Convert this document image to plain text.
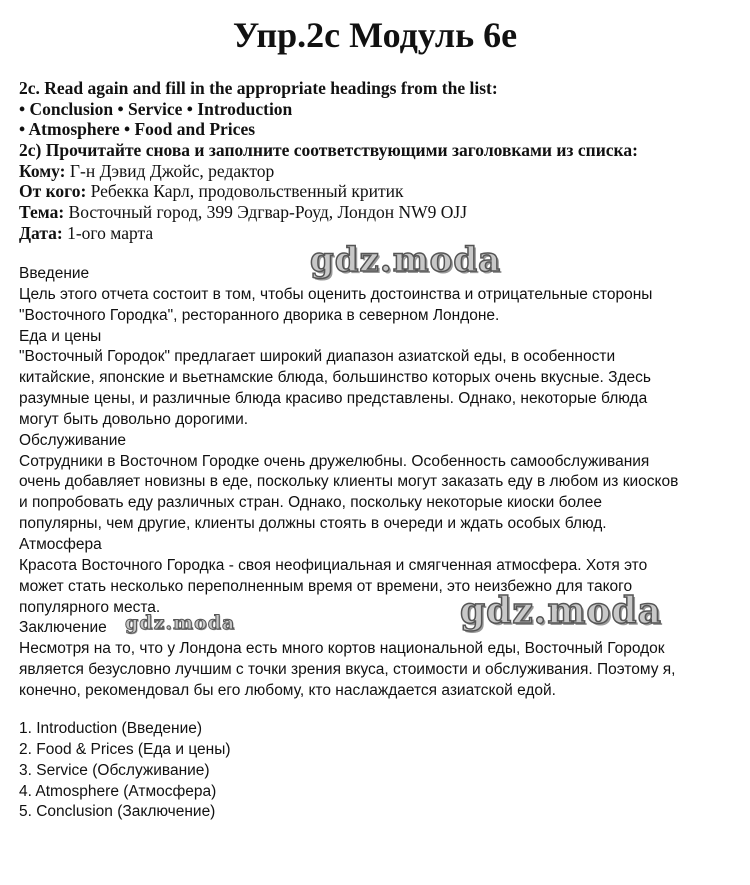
Упр.2с Модуль 6е
2c. Read again and fill in the appropriate headings from the list:
• Conclusion • Service • Introduction
• Atmosphere • Food and Prices
2с) Прочитайте снова и заполните соответствующими заголовками из списка:
Кому: Г-н Дэвид Джойс, редактор
От кого: Ребекка Карл, продовольственный критик
Тема: Восточный город, 399 Эдгвар-Роуд, Лондон NW9 OJJ
Дата: 1-ого марта
Введение
Цель этого отчета состоит в том, чтобы оценить достоинства и отрицательные стороны
"Восточного Городка", ресторанного дворика в северном Лондоне.
Еда и цены
"Восточный Городок" предлагает широкий диапазон азиатской еды, в особенности
китайские, японские и вьетнамские блюда, большинство которых очень вкусные. Здесь
разумные цены, и различные блюда красиво представлены. Однако, некоторые блюда
могут быть довольно дорогими.
Обслуживание
Сотрудники в Восточном Городке очень дружелюбны. Особенность самообслуживания
очень добавляет новизны в еде, поскольку клиенты могут заказать еду в любом из киосков
и попробовать еду различных стран. Однако, поскольку некоторые киоски более
популярны, чем другие, клиенты должны стоять в очереди и ждать особых блюд.
Атмосфера
Красота Восточного Городка - своя неофициальная и смягченная атмосфера. Хотя это
может стать несколько переполненным время от времени, это неизбежно для такого
популярного места.
Заключение
Несмотря на то, что у Лондона есть много кортов национальной еды, Восточный Городок
является безусловно лучшим с точки зрения вкуса, стоимости и обслуживания. Поэтому я,
конечно, рекомендовал бы его любому, кто наслаждается азиатской едой.
1. Introduction (Введение)
2. Food & Prices (Еда и цены)
3. Service (Обслуживание)
4. Atmosphere (Атмосфера)
5. Conclusion (Заключение)
gdz.moda
gdz.moda
gdz.moda
